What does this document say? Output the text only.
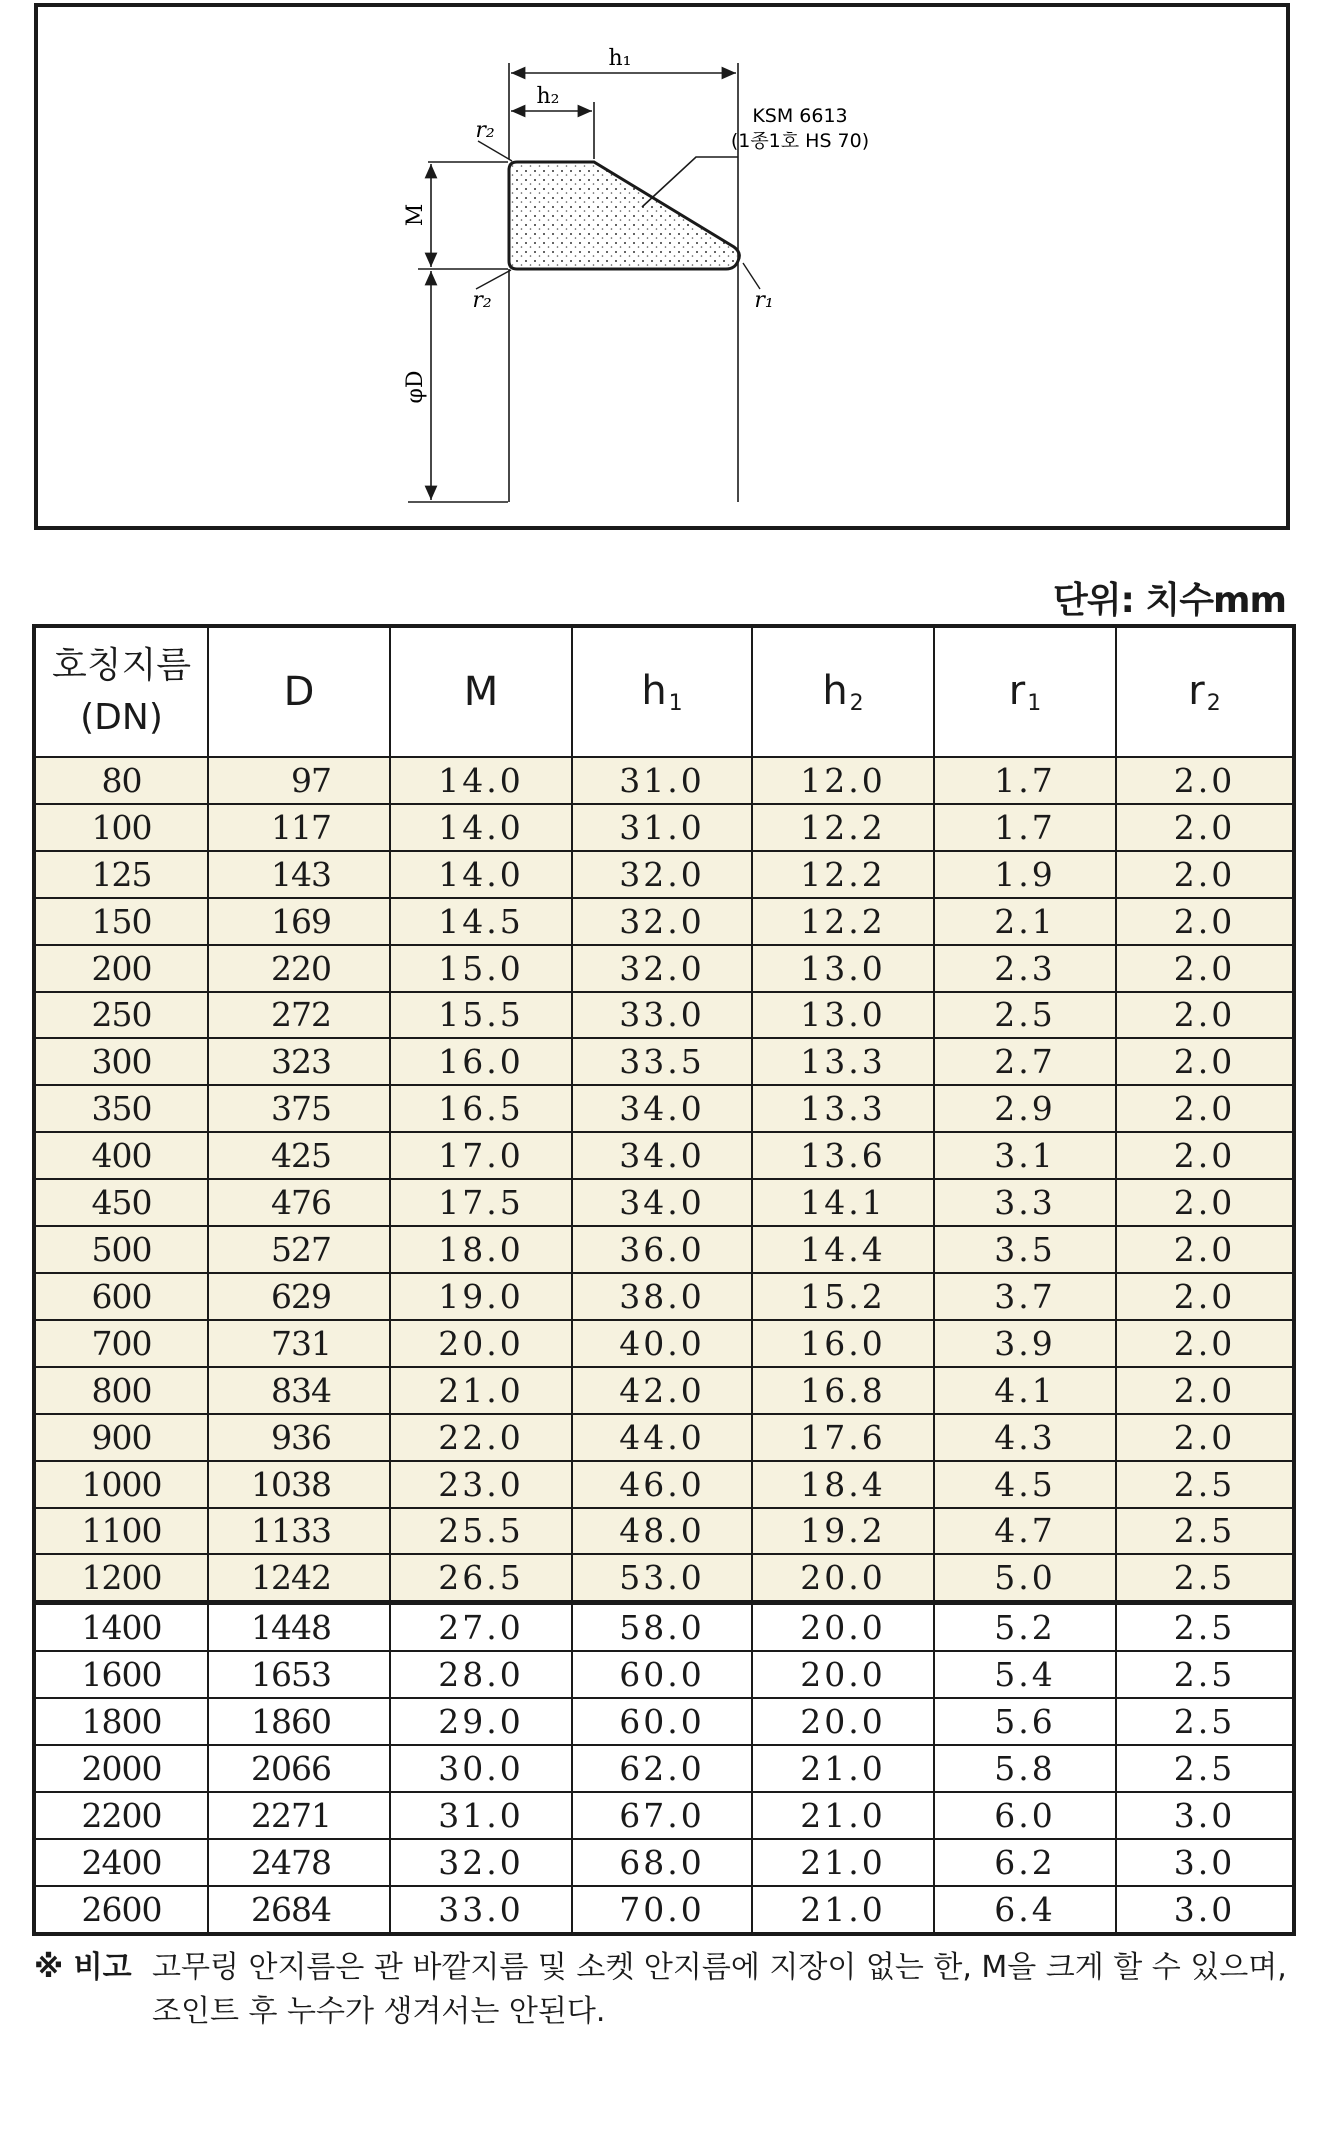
h₁
h₂
M
φD
KSM 6613
(1종1호 HS 70)
r₂
r₂	r₁
단위: 치수mm
호칭지름
(DN)	D	M	$h_1$	$h_2$	$r_1$	$r_2$
80	97	14.0	31.0	12.0	1.7	2.0
100	117	14.0	31.0	12.2	1.7	2.0
125	143	14.0	32.0	12.2	1.9	2.0
150	169	14.5	32.0	12.2	2.1	2.0
200	220	15.0	32.0	13.0	2.3	2.0
250	272	15.5	33.0	13.0	2.5	2.0
300	323	16.0	33.5	13.3	2.7	2.0
350	375	16.5	34.0	13.3	2.9	2.0
400	425	17.0	34.0	13.6	3.1	2.0
450	476	17.5	34.0	14.1	3.3	2.0
500	527	18.0	36.0	14.4	3.5	2.0
600	629	19.0	38.0	15.2	3.7	2.0
700	731	20.0	40.0	16.0	3.9	2.0
800	834	21.0	42.0	16.8	4.1	2.0
900	936	22.0	44.0	17.6	4.3	2.0
1000	1038	23.0	46.0	18.4	4.5	2.5
1100	1133	25.5	48.0	19.2	4.7	2.5
1200	1242	26.5	53.0	20.0	5.0	2.5
1400	1448	27.0	58.0	20.0	5.2	2.5
1600	1653	28.0	60.0	20.0	5.4	2.5
1800	1860	29.0	60.0	20.0	5.6	2.5
2000	2066	30.0	62.0	21.0	5.8	2.5
2200	2271	31.0	67.0	21.0	6.0	3.0
2400	2478	32.0	68.0	21.0	6.2	3.0
2600	2684	33.0	70.0	21.0	6.4	3.0
※ 비고 고무링 안지름은 관 바깥지름 및 소켓 안지름에 지장이 없는 한, M을 크게 할 수 있으며,
조인트 후 누수가 생겨서는 안된다.
